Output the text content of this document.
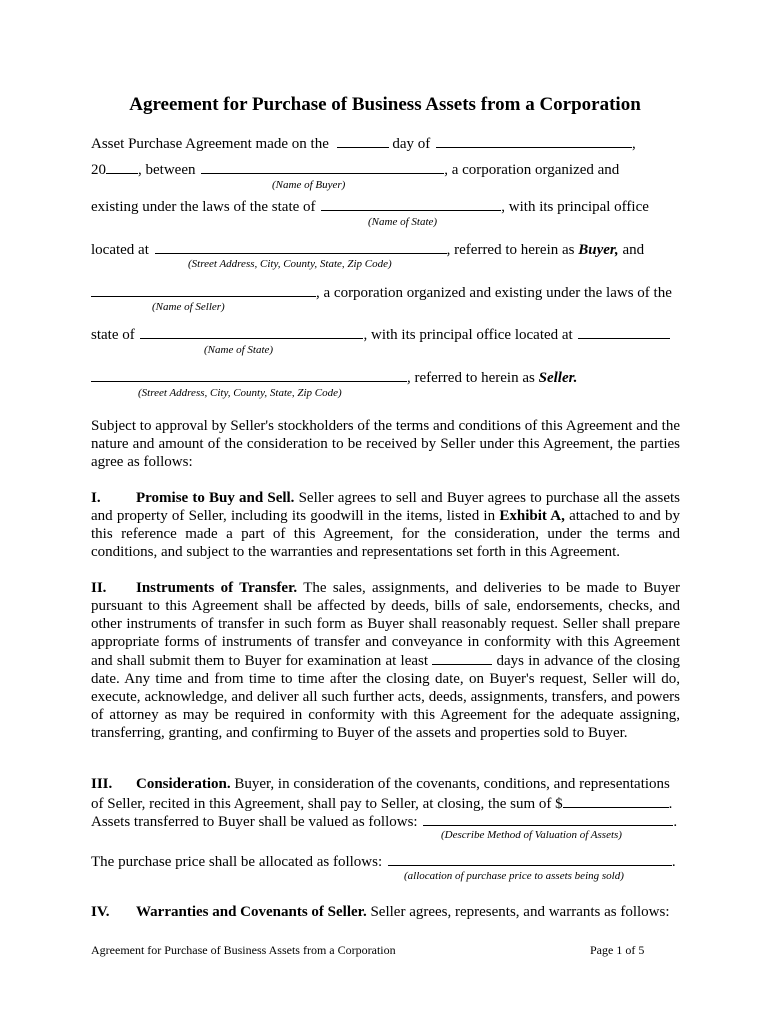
Agreement for Purchase of Business Assets from a Corporation
Asset Purchase Agreement made on the	day of	,
20 , between	, a corporation organized and
(Name of Buyer)
existing under the laws of the state of	, with its principal office
(Name of State)
located at	, referred to herein as Buyer, and
(Street Address, City, County, State, Zip Code)
, a corporation organized and existing under the laws of the
(Name of Seller)
state of	, with its principal office located at
(Name of State)
, referred to herein as Seller.
(Street Address, City, County, State, Zip Code)
Subject to approval by Seller's stockholders of the terms and conditions of this Agreement and the nature and amount of the consideration to be received by Seller under this Agreement, the parties agree as follows:
I. Promise to Buy and Sell. Seller agrees to sell and Buyer agrees to purchase all the assets and property of Seller, including its goodwill in the items, listed in Exhibit A, attached to and by this reference made a part of this Agreement, for the consideration, under the terms and conditions, and subject to the warranties and representations set forth in this Agreement.
II. Instruments of Transfer. The sales, assignments, and deliveries to be made to Buyer pursuant to this Agreement shall be affected by deeds, bills of sale, endorsements, checks, and other instruments of transfer in such form as Buyer shall reasonably request. Seller shall prepare appropriate forms of instruments of transfer and conveyance in conformity with this Agreement and shall submit them to Buyer for examination at least	days in advance of the closing date. Any time and from time to time after the closing date, on Buyer's request, Seller will do, execute, acknowledge, and deliver all such further acts, deeds, assignments, transfers, and powers of attorney as may be required in conformity with this Agreement for the adequate assigning, transferring, granting, and confirming to Buyer of the assets and properties sold to Buyer.
III. Consideration. Buyer, in consideration of the covenants, conditions, and representations
of Seller, recited in this Agreement, shall pay to Seller, at closing, the sum of $	.
Assets transferred to Buyer shall be valued as follows:	.
(Describe Method of Valuation of Assets)
The purchase price shall be allocated as follows:	.
(allocation of purchase price to assets being sold)
IV. Warranties and Covenants of Seller. Seller agrees, represents, and warrants as follows:
Agreement for Purchase of Business Assets from a Corporation	Page 1 of 5
